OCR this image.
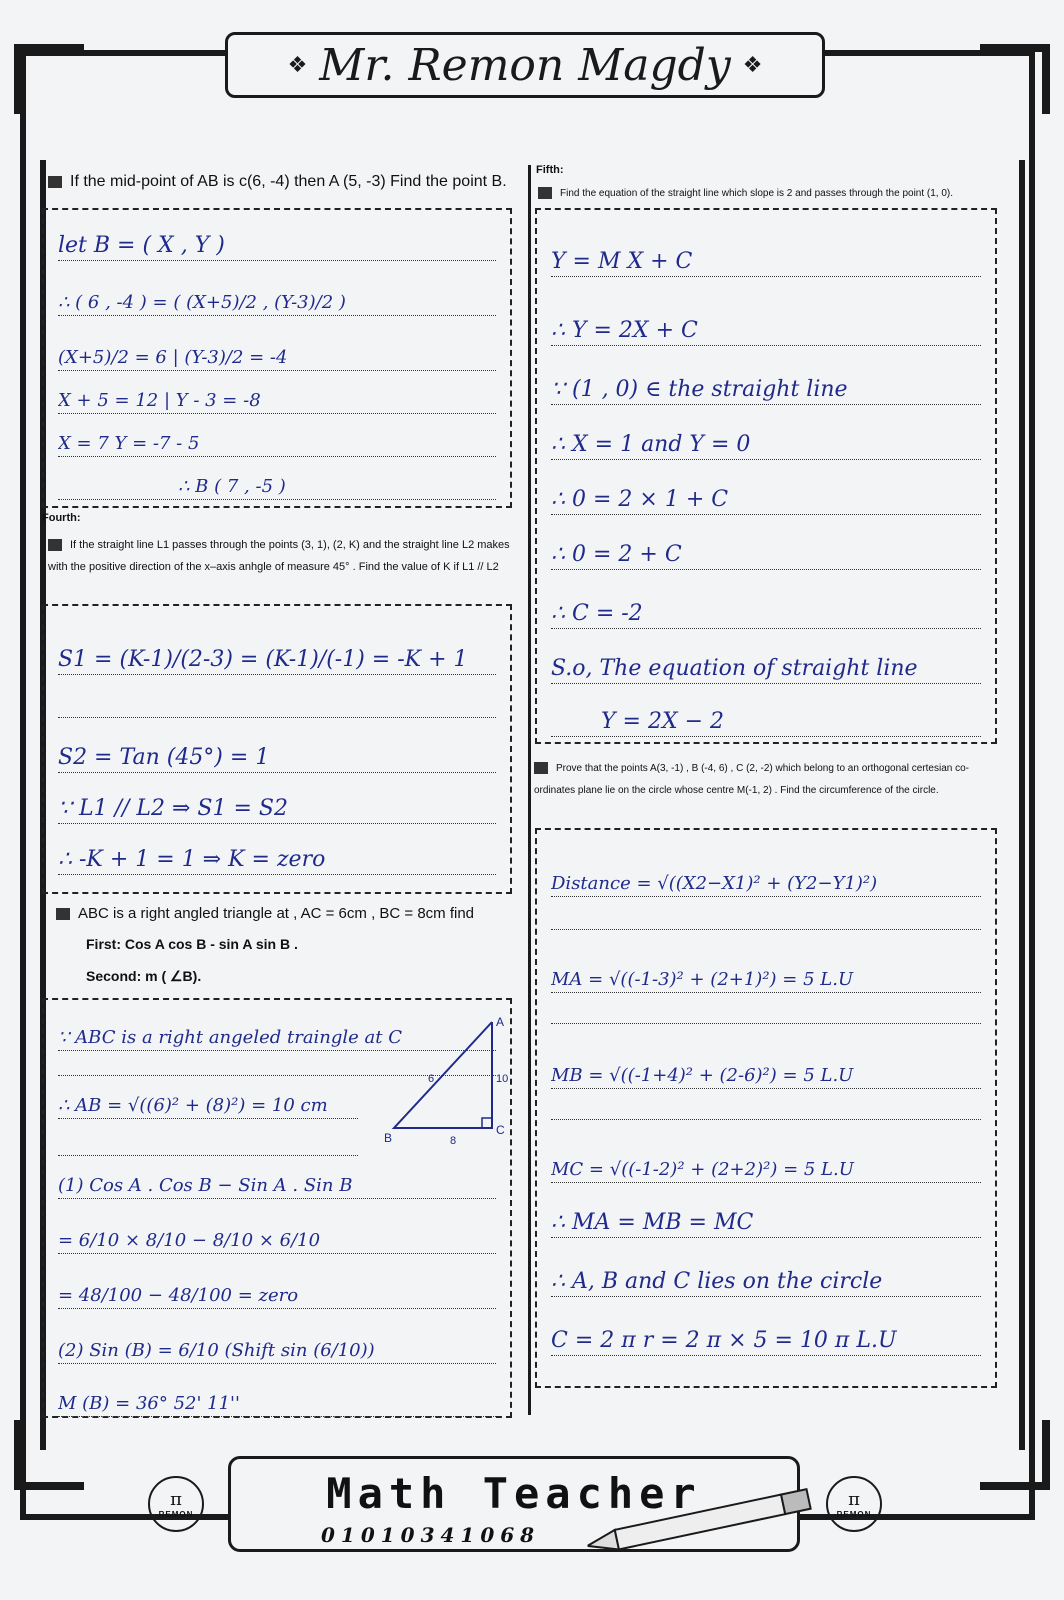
❖ Mr. Remon Magdy ❖
If the mid-point of AB is c(6, -4) then A (5, -3) Find the point B.
let B = ( X , Y )
∴ ( 6 , -4 ) = ( (X+5)/2 , (Y-3)/2 )
(X+5)/2 = 6 | (Y-3)/2 = -4
X + 5 = 12 | Y - 3 = -8
X = 7 Y = -7 - 5
∴ B ( 7 , -5 )
Fourth:
If the straight line L1 passes through the points (3, 1), (2, K) and the straight line L2 makes with the positive direction of the x–axis anhgle of measure 45° . Find the value of K if L1 // L2
S1 = (K-1)/(2-3) = (K-1)/(-1) = -K + 1
S2 = Tan (45°) = 1
∵ L1 // L2 ⇒ S1 = S2
∴ -K + 1 = 1 ⇒ K = zero
ABC is a right angled triangle at , AC = 6cm , BC = 8cm find
First: Cos A cos B - sin A sin B .
Second: m ( ∠B).
∵ ABC is a right angeled traingle at C
∴ AB = √((6)² + (8)²) = 10 cm
(1) Cos A . Cos B − Sin A . Sin B
= 6/10 × 8/10 − 8/10 × 6/10
= 48/100 − 48/100 = zero
(2) Sin (B) = 6/10 (Shift sin (6/10))
M (B) = 36° 52' 11''
A
B
C
10
8
6
Fifth:
Find the equation of the straight line which slope is 2 and passes through the point (1, 0).
Y = M X + C
∴ Y = 2X + C
∵ (1 , 0) ∈ the straight line
∴ X = 1 and Y = 0
∴ 0 = 2 × 1 + C
∴ 0 = 2 + C
∴ C = -2
S.o, The equation of straight line
Y = 2X − 2
Prove that the points A(3, -1) , B (-4, 6) , C (2, -2) which belong to an orthogonal certesian co-ordinates plane lie on the circle whose centre M(-1, 2) . Find the circumference of the circle.
Distance = √((X2−X1)² + (Y2−Y1)²)
MA = √((-1-3)² + (2+1)²) = 5 L.U
MB = √((-1+4)² + (2-6)²) = 5 L.U
MC = √((-1-2)² + (2+2)²) = 5 L.U
∴ MA = MB = MC
∴ A, B and C lies on the circle
C = 2 π r = 2 π × 5 = 10 π L.U
π
REMON
π
REMON
Math Teacher
01010341068
